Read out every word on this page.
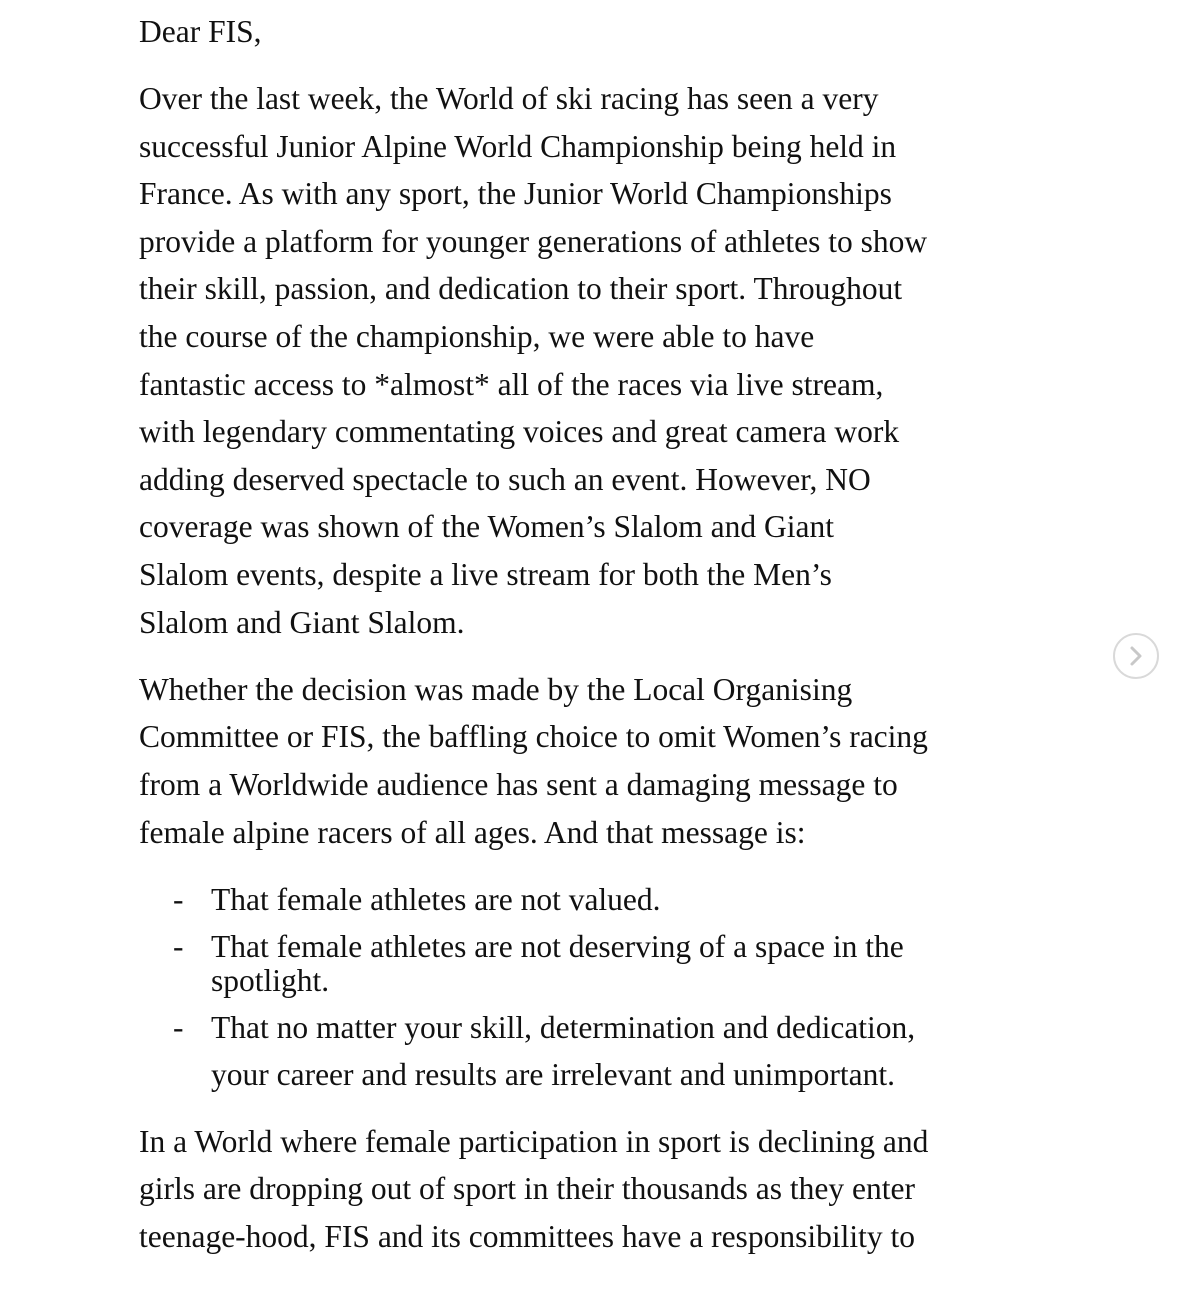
Dear FIS,

Over the last week, the World of ski racing has seen a very
successful Junior Alpine World Championship being held in
France. As with any sport, the Junior World Championships
provide a platform for younger generations of athletes to show
their skill, passion, and dedication to their sport. Throughout
the course of the championship, we were able to have
fantastic access to *almost* all of the races via live stream,
with legendary commentating voices and great camera work
adding deserved spectacle to such an event. However, NO
coverage was shown of the Women’s Slalom and Giant
Slalom events, despite a live stream for both the Men’s
Slalom and Giant Slalom.

Whether the decision was made by the Local Organising
Committee or FIS, the baffling choice to omit Women’s racing
from a Worldwide audience has sent a damaging message to
female alpine racers of all ages. And that message is:

- That female athletes are not valued.
- That female athletes are not deserving of a space in the
spotlight.
- That no matter your skill, determination and dedication,
your career and results are irrelevant and unimportant.

In a World where female participation in sport is declining and
girls are dropping out of sport in their thousands as they enter
teenage-hood, FIS and its committees have a responsibility to
